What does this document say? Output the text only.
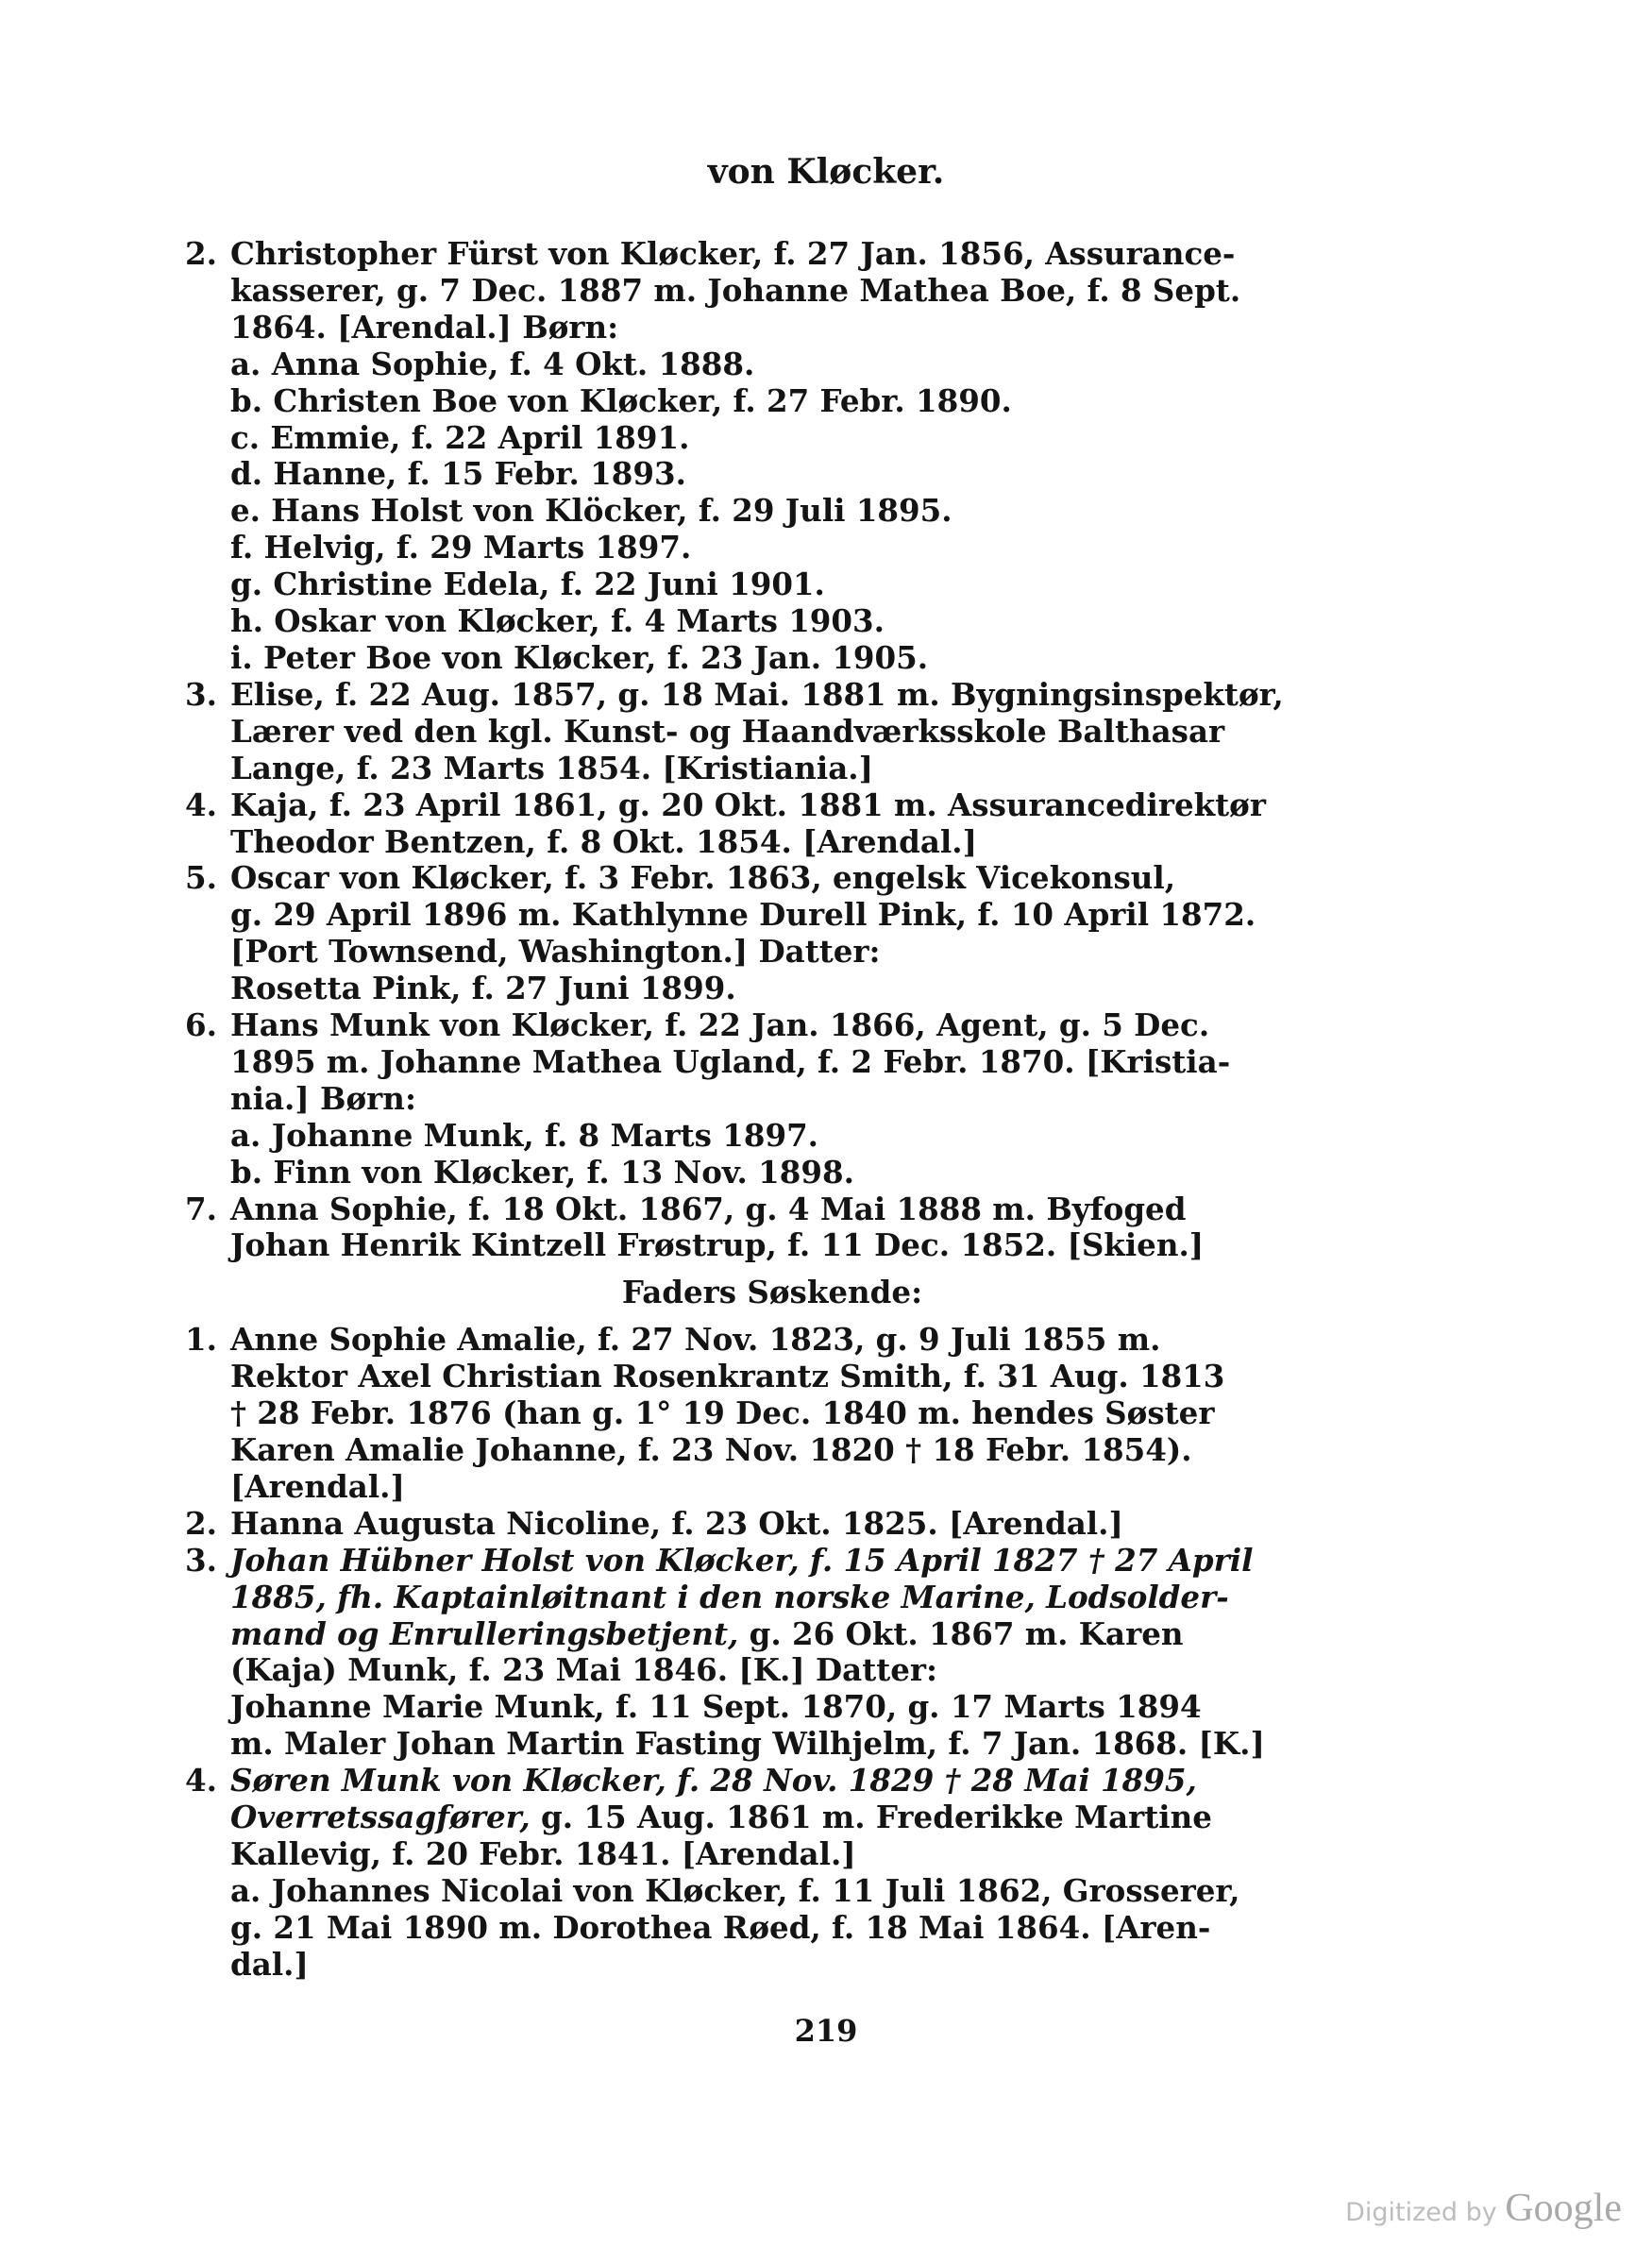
von Kløcker.
2. Christopher Fürst von Kløcker, f. 27 Jan. 1856, Assurance-
kasserer, g. 7 Dec. 1887 m. Johanne Mathea Boe, f. 8 Sept.
1864. [Arendal.] Børn:
a. Anna Sophie, f. 4 Okt. 1888.
b. Christen Boe von Kløcker, f. 27 Febr. 1890.
c. Emmie, f. 22 April 1891.
d. Hanne, f. 15 Febr. 1893.
e. Hans Holst von Klöcker, f. 29 Juli 1895.
f. Helvig, f. 29 Marts 1897.
g. Christine Edela, f. 22 Juni 1901.
h. Oskar von Kløcker, f. 4 Marts 1903.
i. Peter Boe von Kløcker, f. 23 Jan. 1905.
3. Elise, f. 22 Aug. 1857, g. 18 Mai. 1881 m. Bygningsinspektør,
Lærer ved den kgl. Kunst- og Haandværksskole Balthasar
Lange, f. 23 Marts 1854. [Kristiania.]
4. Kaja, f. 23 April 1861, g. 20 Okt. 1881 m. Assurancedirektør
Theodor Bentzen, f. 8 Okt. 1854. [Arendal.]
5. Oscar von Kløcker, f. 3 Febr. 1863, engelsk Vicekonsul,
g. 29 April 1896 m. Kathlynne Durell Pink, f. 10 April 1872.
[Port Townsend, Washington.] Datter:
Rosetta Pink, f. 27 Juni 1899.
6. Hans Munk von Kløcker, f. 22 Jan. 1866, Agent, g. 5 Dec.
1895 m. Johanne Mathea Ugland, f. 2 Febr. 1870. [Kristia-
nia.] Børn:
a. Johanne Munk, f. 8 Marts 1897.
b. Finn von Kløcker, f. 13 Nov. 1898.
7. Anna Sophie, f. 18 Okt. 1867, g. 4 Mai 1888 m. Byfoged
Johan Henrik Kintzell Frøstrup, f. 11 Dec. 1852. [Skien.]
Faders Søskende:
1. Anne Sophie Amalie, f. 27 Nov. 1823, g. 9 Juli 1855 m.
Rektor Axel Christian Rosenkrantz Smith, f. 31 Aug. 1813
† 28 Febr. 1876 (han g. 1° 19 Dec. 1840 m. hendes Søster
Karen Amalie Johanne, f. 23 Nov. 1820 † 18 Febr. 1854).
[Arendal.]
2. Hanna Augusta Nicoline, f. 23 Okt. 1825. [Arendal.]
3. Johan Hübner Holst von Kløcker, f. 15 April 1827 † 27 April
1885, fh. Kaptainløitnant i den norske Marine, Lodsolder-
mand og Enrulleringsbetjent, g. 26 Okt. 1867 m. Karen
(Kaja) Munk, f. 23 Mai 1846. [K.] Datter:
Johanne Marie Munk, f. 11 Sept. 1870, g. 17 Marts 1894
m. Maler Johan Martin Fasting Wilhjelm, f. 7 Jan. 1868. [K.]
4. Søren Munk von Kløcker, f. 28 Nov. 1829 † 28 Mai 1895,
Overretssagfører, g. 15 Aug. 1861 m. Frederikke Martine
Kallevig, f. 20 Febr. 1841. [Arendal.]
a. Johannes Nicolai von Kløcker, f. 11 Juli 1862, Grosserer,
g. 21 Mai 1890 m. Dorothea Røed, f. 18 Mai 1864. [Aren-
dal.]
219
Digitized by Google
